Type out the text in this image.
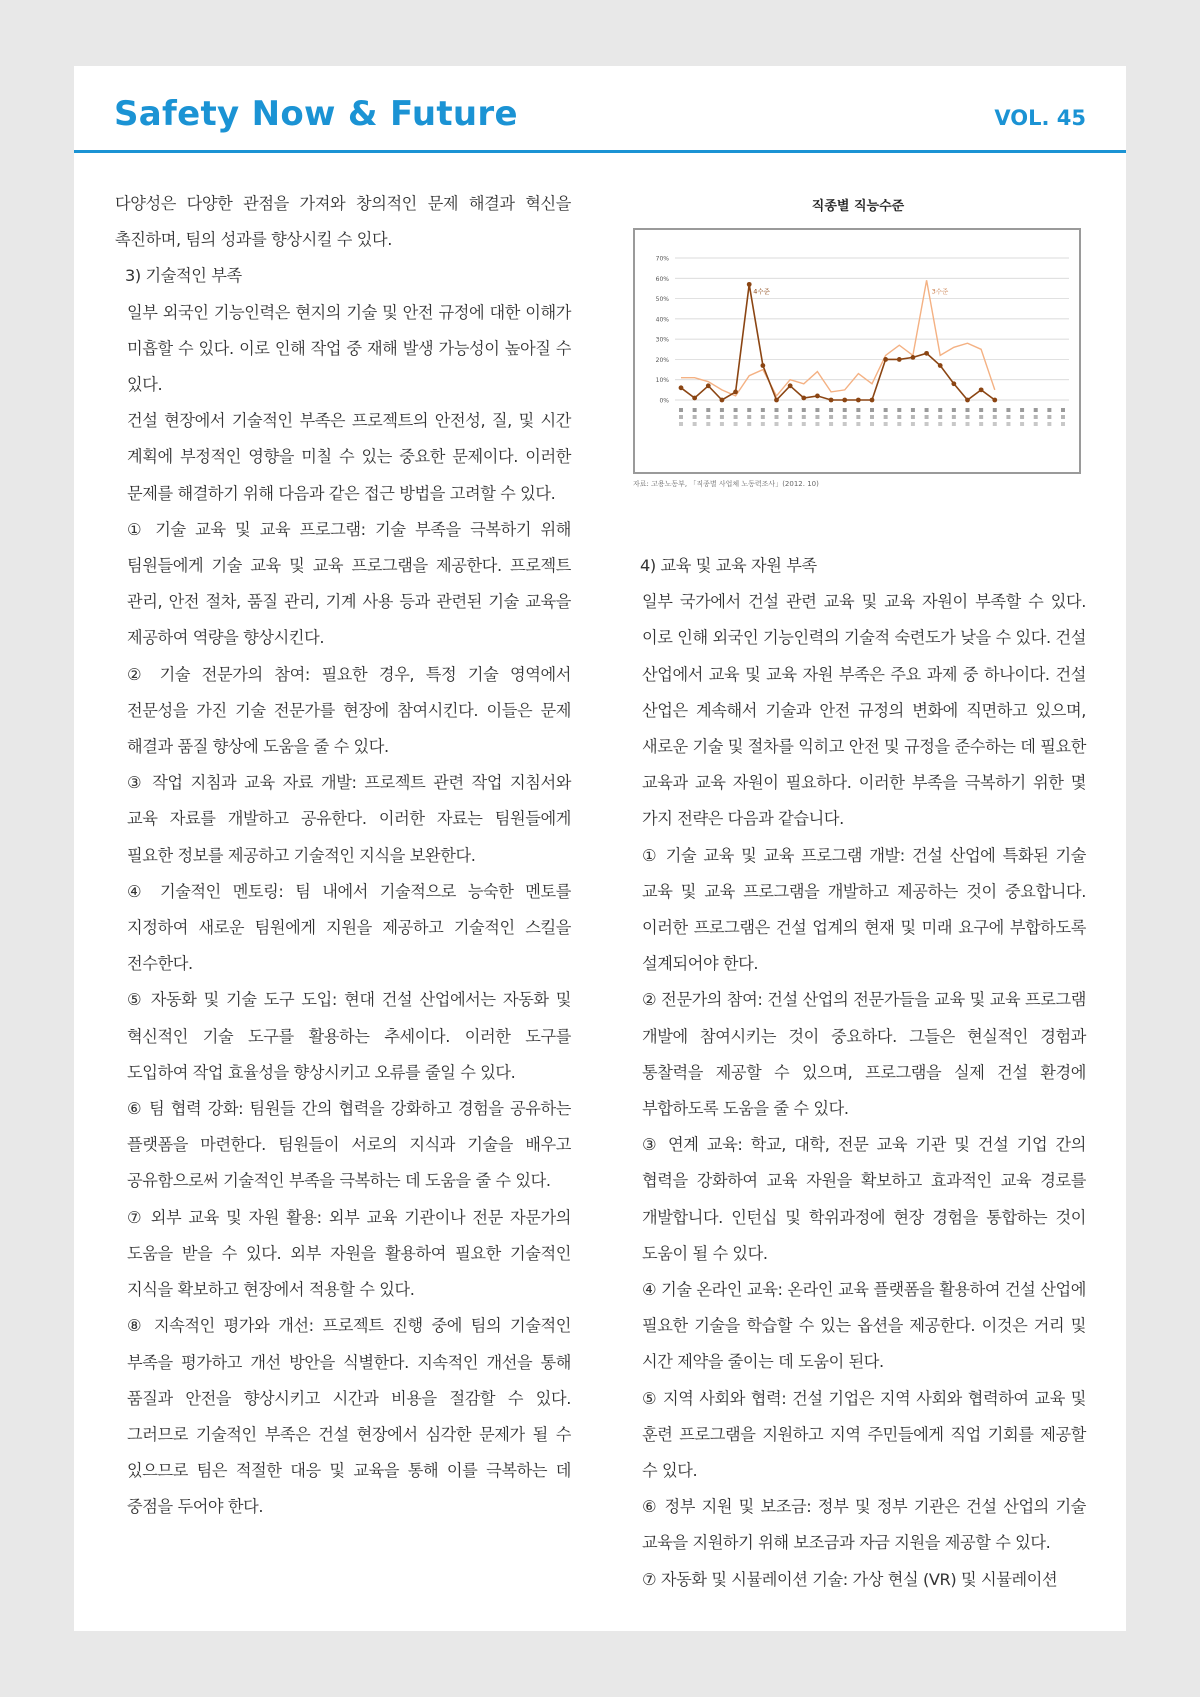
Safety Now & Future	VOL. 45

다양성은 다양한 관점을 가져와 창의적인 문제 해결과 혁신을 촉진하며, 팀의 성과를 향상시킬 수 있다.

3) 기술적인 부족

일부 외국인 기능인력은 현지의 기술 및 안전 규정에 대한 이해가 미흡할 수 있다. 이로 인해 작업 중 재해 발생 가능성이 높아질 수 있다.

건설 현장에서 기술적인 부족은 프로젝트의 안전성, 질, 및 시간 계획에 부정적인 영향을 미칠 수 있는 중요한 문제이다. 이러한 문제를 해결하기 위해 다음과 같은 접근 방법을 고려할 수 있다.

① 기술 교육 및 교육 프로그램: 기술 부족을 극복하기 위해 팀원들에게 기술 교육 및 교육 프로그램을 제공한다. 프로젝트 관리, 안전 절차, 품질 관리, 기계 사용 등과 관련된 기술 교육을 제공하여 역량을 향상시킨다.

② 기술 전문가의 참여: 필요한 경우, 특정 기술 영역에서 전문성을 가진 기술 전문가를 현장에 참여시킨다. 이들은 문제 해결과 품질 향상에 도움을 줄 수 있다.

③ 작업 지침과 교육 자료 개발: 프로젝트 관련 작업 지침서와 교육 자료를 개발하고 공유한다. 이러한 자료는 팀원들에게 필요한 정보를 제공하고 기술적인 지식을 보완한다.

④ 기술적인 멘토링: 팀 내에서 기술적으로 능숙한 멘토를 지정하여 새로운 팀원에게 지원을 제공하고 기술적인 스킬을 전수한다.

⑤ 자동화 및 기술 도구 도입: 현대 건설 산업에서는 자동화 및 혁신적인 기술 도구를 활용하는 추세이다. 이러한 도구를 도입하여 작업 효율성을 향상시키고 오류를 줄일 수 있다.

⑥ 팀 협력 강화: 팀원들 간의 협력을 강화하고 경험을 공유하는 플랫폼을 마련한다. 팀원들이 서로의 지식과 기술을 배우고 공유함으로써 기술적인 부족을 극복하는 데 도움을 줄 수 있다.

⑦ 외부 교육 및 자원 활용: 외부 교육 기관이나 전문 자문가의 도움을 받을 수 있다. 외부 자원을 활용하여 필요한 기술적인 지식을 확보하고 현장에서 적용할 수 있다.

⑧ 지속적인 평가와 개선: 프로젝트 진행 중에 팀의 기술적인 부족을 평가하고 개선 방안을 식별한다. 지속적인 개선을 통해 품질과 안전을 향상시키고 시간과 비용을 절감할 수 있다. 그러므로 기술적인 부족은 건설 현장에서 심각한 문제가 될 수 있으므로 팀은 적절한 대응 및 교육을 통해 이를 극복하는 데 중점을 두어야 한다.

직종별 직능수준
0%
10%
20%
30%
40%
50%
60%
70%
4수준	3수준
자료: 고용노동부, 「직종별 사업체 노동력조사」(2012. 10)

4) 교육 및 교육 자원 부족

일부 국가에서 건설 관련 교육 및 교육 자원이 부족할 수 있다. 이로 인해 외국인 기능인력의 기술적 숙련도가 낮을 수 있다. 건설 산업에서 교육 및 교육 자원 부족은 주요 과제 중 하나이다. 건설 산업은 계속해서 기술과 안전 규정의 변화에 직면하고 있으며, 새로운 기술 및 절차를 익히고 안전 및 규정을 준수하는 데 필요한 교육과 교육 자원이 필요하다. 이러한 부족을 극복하기 위한 몇 가지 전략은 다음과 같습니다.

① 기술 교육 및 교육 프로그램 개발: 건설 산업에 특화된 기술 교육 및 교육 프로그램을 개발하고 제공하는 것이 중요합니다. 이러한 프로그램은 건설 업계의 현재 및 미래 요구에 부합하도록 설계되어야 한다.

② 전문가의 참여: 건설 산업의 전문가들을 교육 및 교육 프로그램 개발에 참여시키는 것이 중요하다. 그들은 현실적인 경험과 통찰력을 제공할 수 있으며, 프로그램을 실제 건설 환경에 부합하도록 도움을 줄 수 있다.

③ 연계 교육: 학교, 대학, 전문 교육 기관 및 건설 기업 간의 협력을 강화하여 교육 자원을 확보하고 효과적인 교육 경로를 개발합니다. 인턴십 및 학위과정에 현장 경험을 통합하는 것이 도움이 될 수 있다.

④ 기술 온라인 교육: 온라인 교육 플랫폼을 활용하여 건설 산업에 필요한 기술을 학습할 수 있는 옵션을 제공한다. 이것은 거리 및 시간 제약을 줄이는 데 도움이 된다.

⑤ 지역 사회와 협력: 건설 기업은 지역 사회와 협력하여 교육 및 훈련 프로그램을 지원하고 지역 주민들에게 직업 기회를 제공할 수 있다.

⑥ 정부 지원 및 보조금: 정부 및 정부 기관은 건설 산업의 기술 교육을 지원하기 위해 보조금과 자금 지원을 제공할 수 있다.

⑦ 자동화 및 시뮬레이션 기술: 가상 현실 (VR) 및 시뮬레이션
